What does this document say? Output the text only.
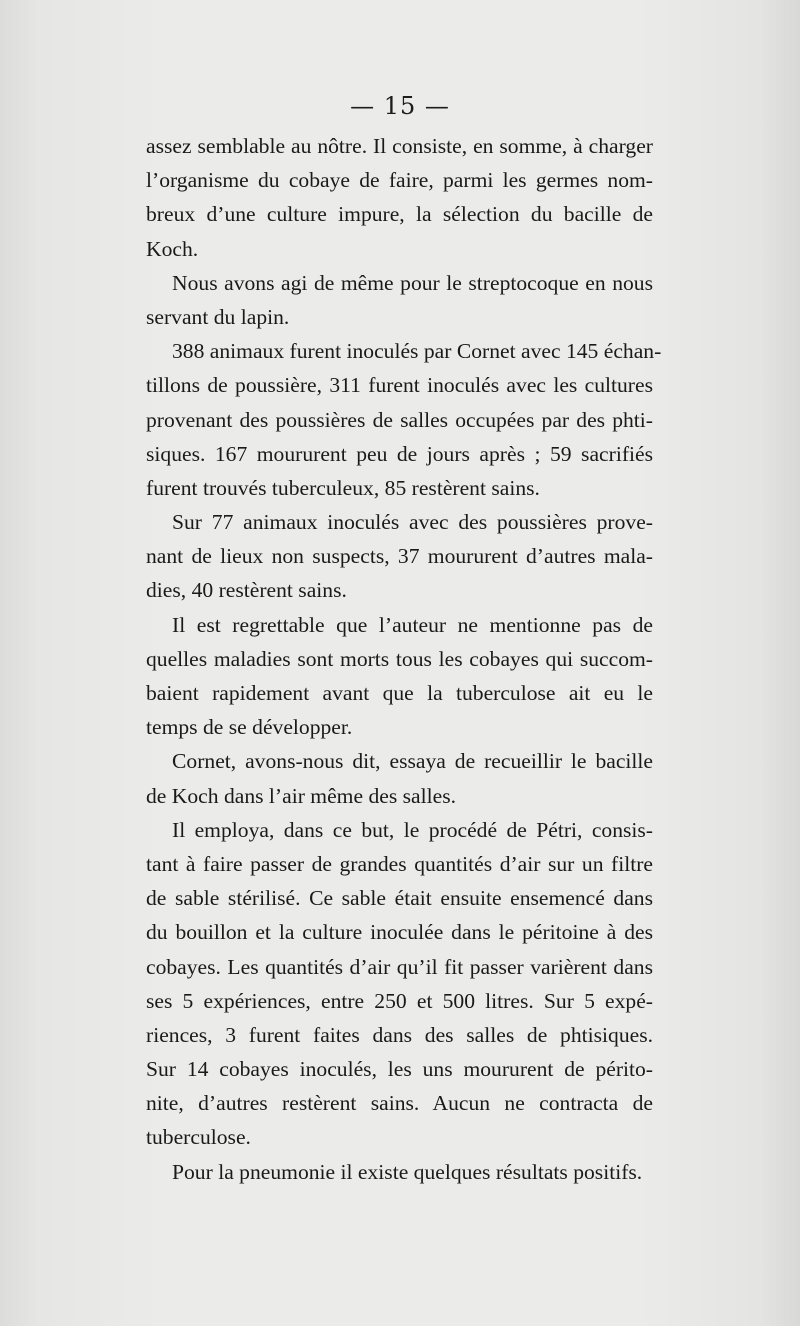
— 15 —
assez semblable au nôtre. Il consiste, en somme, à charger
l’organisme du cobaye de faire, parmi les germes nom-
breux d’une culture impure, la sélection du bacille de
Koch.
Nous avons agi de même pour le streptocoque en nous
servant du lapin.
388 animaux furent inoculés par Cornet avec 145 échan-
tillons de poussière, 311 furent inoculés avec les cultures
provenant des poussières de salles occupées par des phti-
siques. 167 moururent peu de jours après ; 59 sacrifiés
furent trouvés tuberculeux, 85 restèrent sains.
Sur 77 animaux inoculés avec des poussières prove-
nant de lieux non suspects, 37 moururent d’autres mala-
dies, 40 restèrent sains.
Il est regrettable que l’auteur ne mentionne pas de
quelles maladies sont morts tous les cobayes qui succom-
baient rapidement avant que la tuberculose ait eu le
temps de se développer.
Cornet, avons-nous dit, essaya de recueillir le bacille
de Koch dans l’air même des salles.
Il employa, dans ce but, le procédé de Pétri, consis-
tant à faire passer de grandes quantités d’air sur un filtre
de sable stérilisé. Ce sable était ensuite ensemencé dans
du bouillon et la culture inoculée dans le péritoine à des
cobayes. Les quantités d’air qu’il fit passer varièrent dans
ses 5 expériences, entre 250 et 500 litres. Sur 5 expé-
riences, 3 furent faites dans des salles de phtisiques.
Sur 14 cobayes inoculés, les uns moururent de périto-
nite, d’autres restèrent sains. Aucun ne contracta de
tuberculose.
Pour la pneumonie il existe quelques résultats positifs.
